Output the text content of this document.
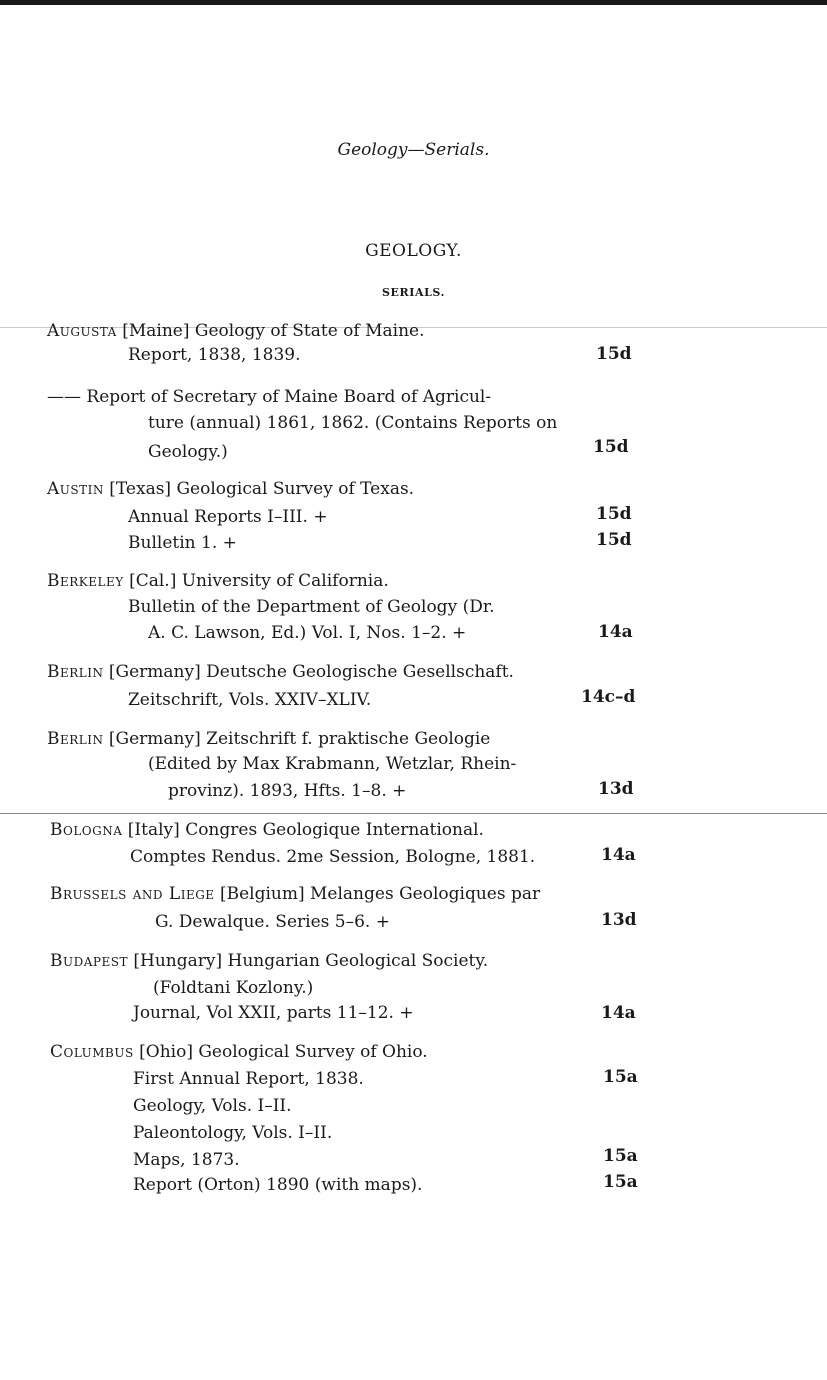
Geology—Serials.
GEOLOGY.
SERIALS.
Augusta [Maine] Geology of State of Maine.
Report, 1838, 1839.	15d
—— Report of Secretary of Maine Board of Agricul-
ture (annual) 1861, 1862. (Contains Reports on
Geology.)	15d
Austin [Texas] Geological Survey of Texas.
Annual Reports I–III. +	15d
Bulletin 1. +	15d
Berkeley [Cal.] University of California.
Bulletin of the Department of Geology (Dr.
A. C. Lawson, Ed.) Vol. I, Nos. 1–2. +	14a
Berlin [Germany] Deutsche Geologische Gesellschaft.
Zeitschrift, Vols. XXIV–XLIV.	14c–d
Berlin [Germany] Zeitschrift f. praktische Geologie
(Edited by Max Krabmann, Wetzlar, Rhein-
provinz). 1893, Hfts. 1–8. +	13d
Bologna [Italy] Congres Geologique International.
Comptes Rendus. 2me Session, Bologne, 1881.	14a
Brussels and Liege [Belgium] Melanges Geologiques par
G. Dewalque. Series 5–6. +	13d
Budapest [Hungary] Hungarian Geological Society.
(Foldtani Kozlony.)
Journal, Vol XXII, parts 11–12. +	14a
Columbus [Ohio] Geological Survey of Ohio.
First Annual Report, 1838.	15a
Geology, Vols. I–II.
Paleontology, Vols. I–II.
Maps, 1873.	15a
Report (Orton) 1890 (with maps).	15a
